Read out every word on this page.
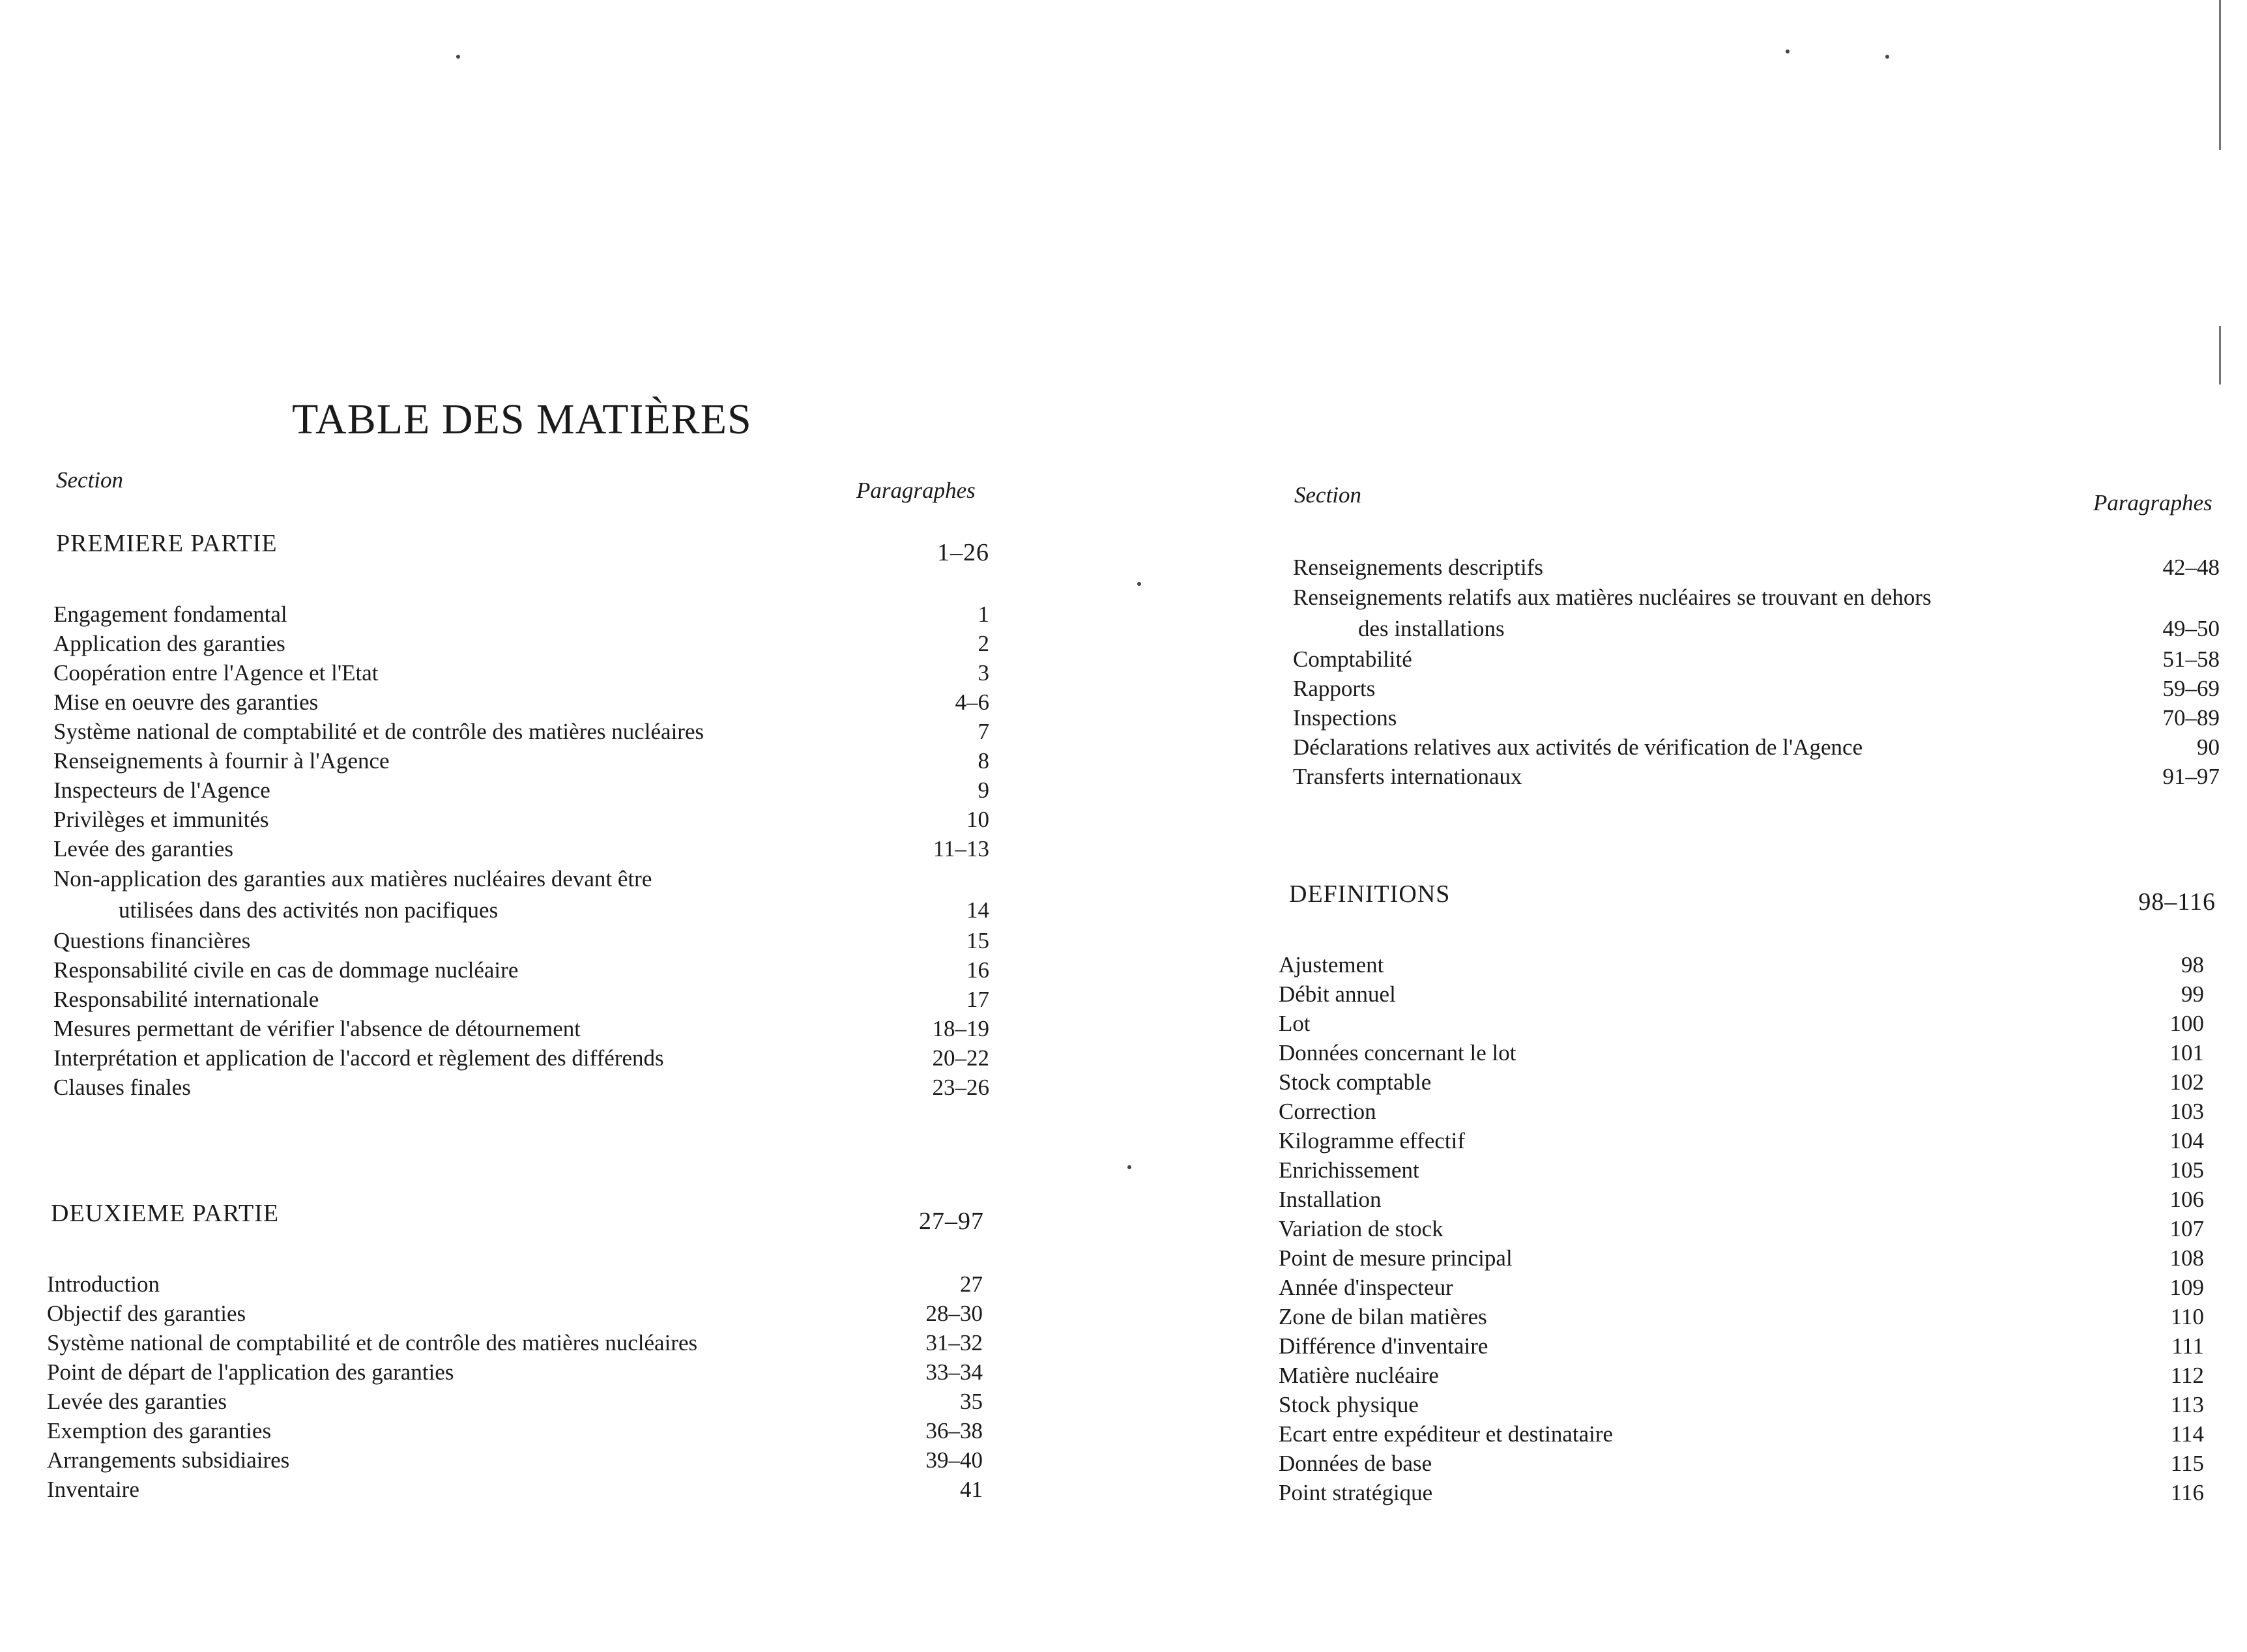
TABLE DES MATIÈRES
Section	Paragraphes
PREMIERE PARTIE	1–26
Engagement fondamental	1
Application des garanties	2
Coopération entre l'Agence et l'Etat	3
Mise en oeuvre des garanties	4–6
Système national de comptabilité et de contrôle des matières nucléaires	7
Renseignements à fournir à l'Agence	8
Inspecteurs de l'Agence	9
Privilèges et immunités	10
Levée des garanties	11–13
Non-application des garanties aux matières nucléaires devant être
utilisées dans des activités non pacifiques	14
Questions financières	15
Responsabilité civile en cas de dommage nucléaire	16
Responsabilité internationale	17
Mesures permettant de vérifier l'absence de détournement	18–19
Interprétation et application de l'accord et règlement des différends	20–22
Clauses finales	23–26
DEUXIEME PARTIE	27–97
Introduction	27
Objectif des garanties	28–30
Système national de comptabilité et de contrôle des matières nucléaires	31–32
Point de départ de l'application des garanties	33–34
Levée des garanties	35
Exemption des garanties	36–38
Arrangements subsidiaires	39–40
Inventaire	41
Section	Paragraphes
Renseignements descriptifs	42–48
Renseignements relatifs aux matières nucléaires se trouvant en dehors
des installations	49–50
Comptabilité	51–58
Rapports	59–69
Inspections	70–89
Déclarations relatives aux activités de vérification de l'Agence	90
Transferts internationaux	91–97
DEFINITIONS	98–116
Ajustement	98
Débit annuel	99
Lot	100
Données concernant le lot	101
Stock comptable	102
Correction	103
Kilogramme effectif	104
Enrichissement	105
Installation	106
Variation de stock	107
Point de mesure principal	108
Année d'inspecteur	109
Zone de bilan matières	110
Différence d'inventaire	111
Matière nucléaire	112
Stock physique	113
Ecart entre expéditeur et destinataire	114
Données de base	115
Point stratégique	116
